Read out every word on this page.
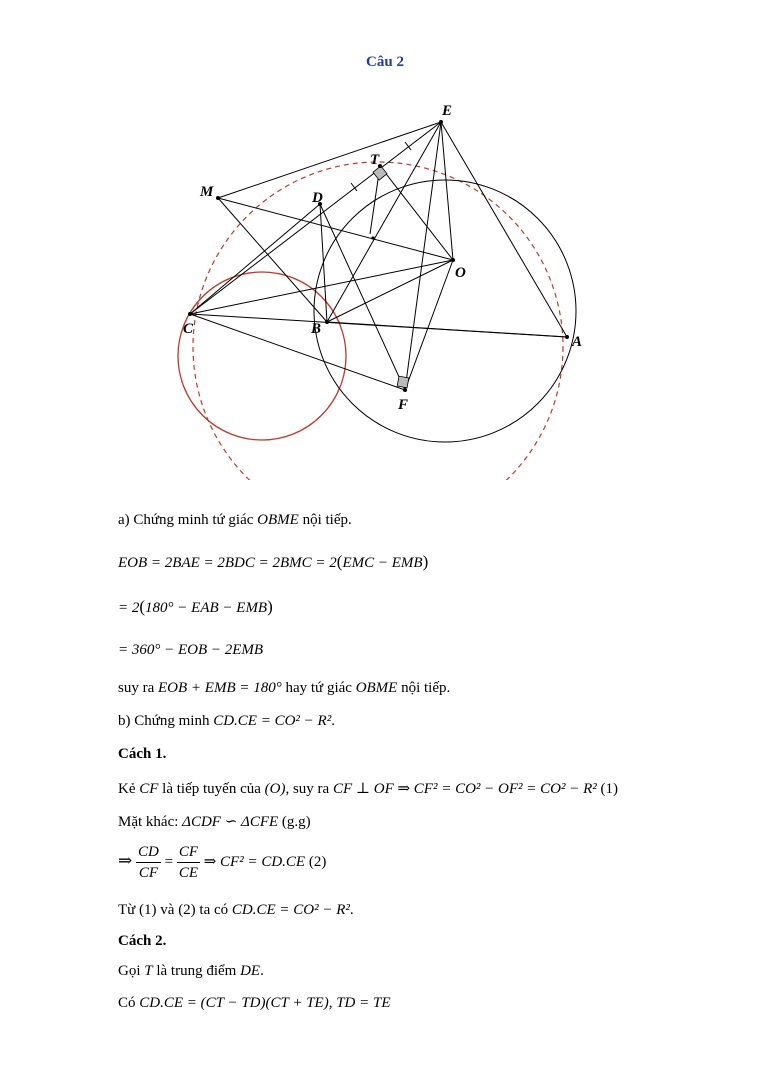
Câu 2
E
T
M	D
O
C	B
A
F
a) Chứng minh tứ giác OBME nội tiếp.
EOB = 2BAE = 2BDC = 2BMC = 2(EMC − EMB)
= 2(180° − EAB − EMB)
= 360° − EOB − 2EMB
suy ra EOB + EMB = 180° hay tứ giác OBME nội tiếp.
b) Chứng minh CD.CE = CO² − R².
Cách 1.
Kẻ CF là tiếp tuyến của (O), suy ra CF ⊥ OF ⇒ CF² = CO² − OF² = CO² − R² (1)
Mặt khác: ΔCDF ∽ ΔCFE (g.g)
⇒ $\frac{CD}{CF} = \frac{CF}{CE}$ ⇒ CF² = CD.CE (2)
Từ (1) và (2) ta có CD.CE = CO² − R².
Cách 2.
Gọi T là trung điểm DE.
Có CD.CE = (CT − TD)(CT + TE), TD = TE
